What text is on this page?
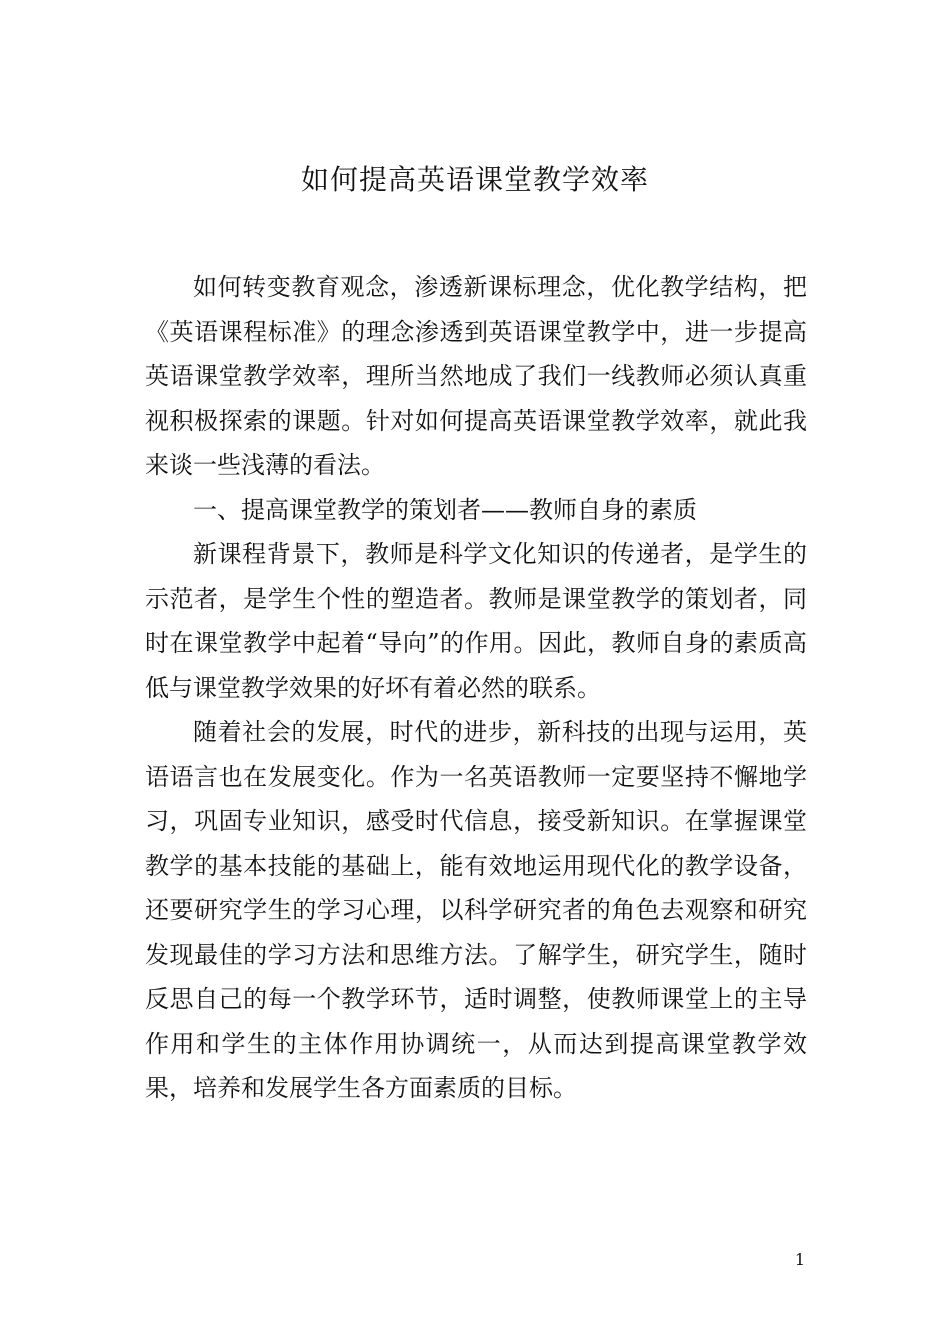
如何提高英语课堂教学效率

如何转变教育观念，渗透新课标理念，优化教学结构，把《英语课程标准》的理念渗透到英语课堂教学中，进一步提高英语课堂教学效率，理所当然地成了我们一线教师必须认真重视积极探索的课题。针对如何提高英语课堂教学效率，就此我来谈一些浅薄的看法。

一、提高课堂教学的策划者——教师自身的素质

新课程背景下，教师是科学文化知识的传递者，是学生的示范者，是学生个性的塑造者。教师是课堂教学的策划者，同时在课堂教学中起着“导向”的作用。因此，教师自身的素质高低与课堂教学效果的好坏有着必然的联系。

随着社会的发展，时代的进步，新科技的出现与运用，英语语言也在发展变化。作为一名英语教师一定要坚持不懈地学习，巩固专业知识，感受时代信息，接受新知识。在掌握课堂教学的基本技能的基础上，能有效地运用现代化的教学设备，还要研究学生的学习心理，以科学研究者的角色去观察和研究发现最佳的学习方法和思维方法。了解学生，研究学生，随时反思自己的每一个教学环节，适时调整，使教师课堂上的主导作用和学生的主体作用协调统一，从而达到提高课堂教学效果，培养和发展学生各方面素质的目标。

1
